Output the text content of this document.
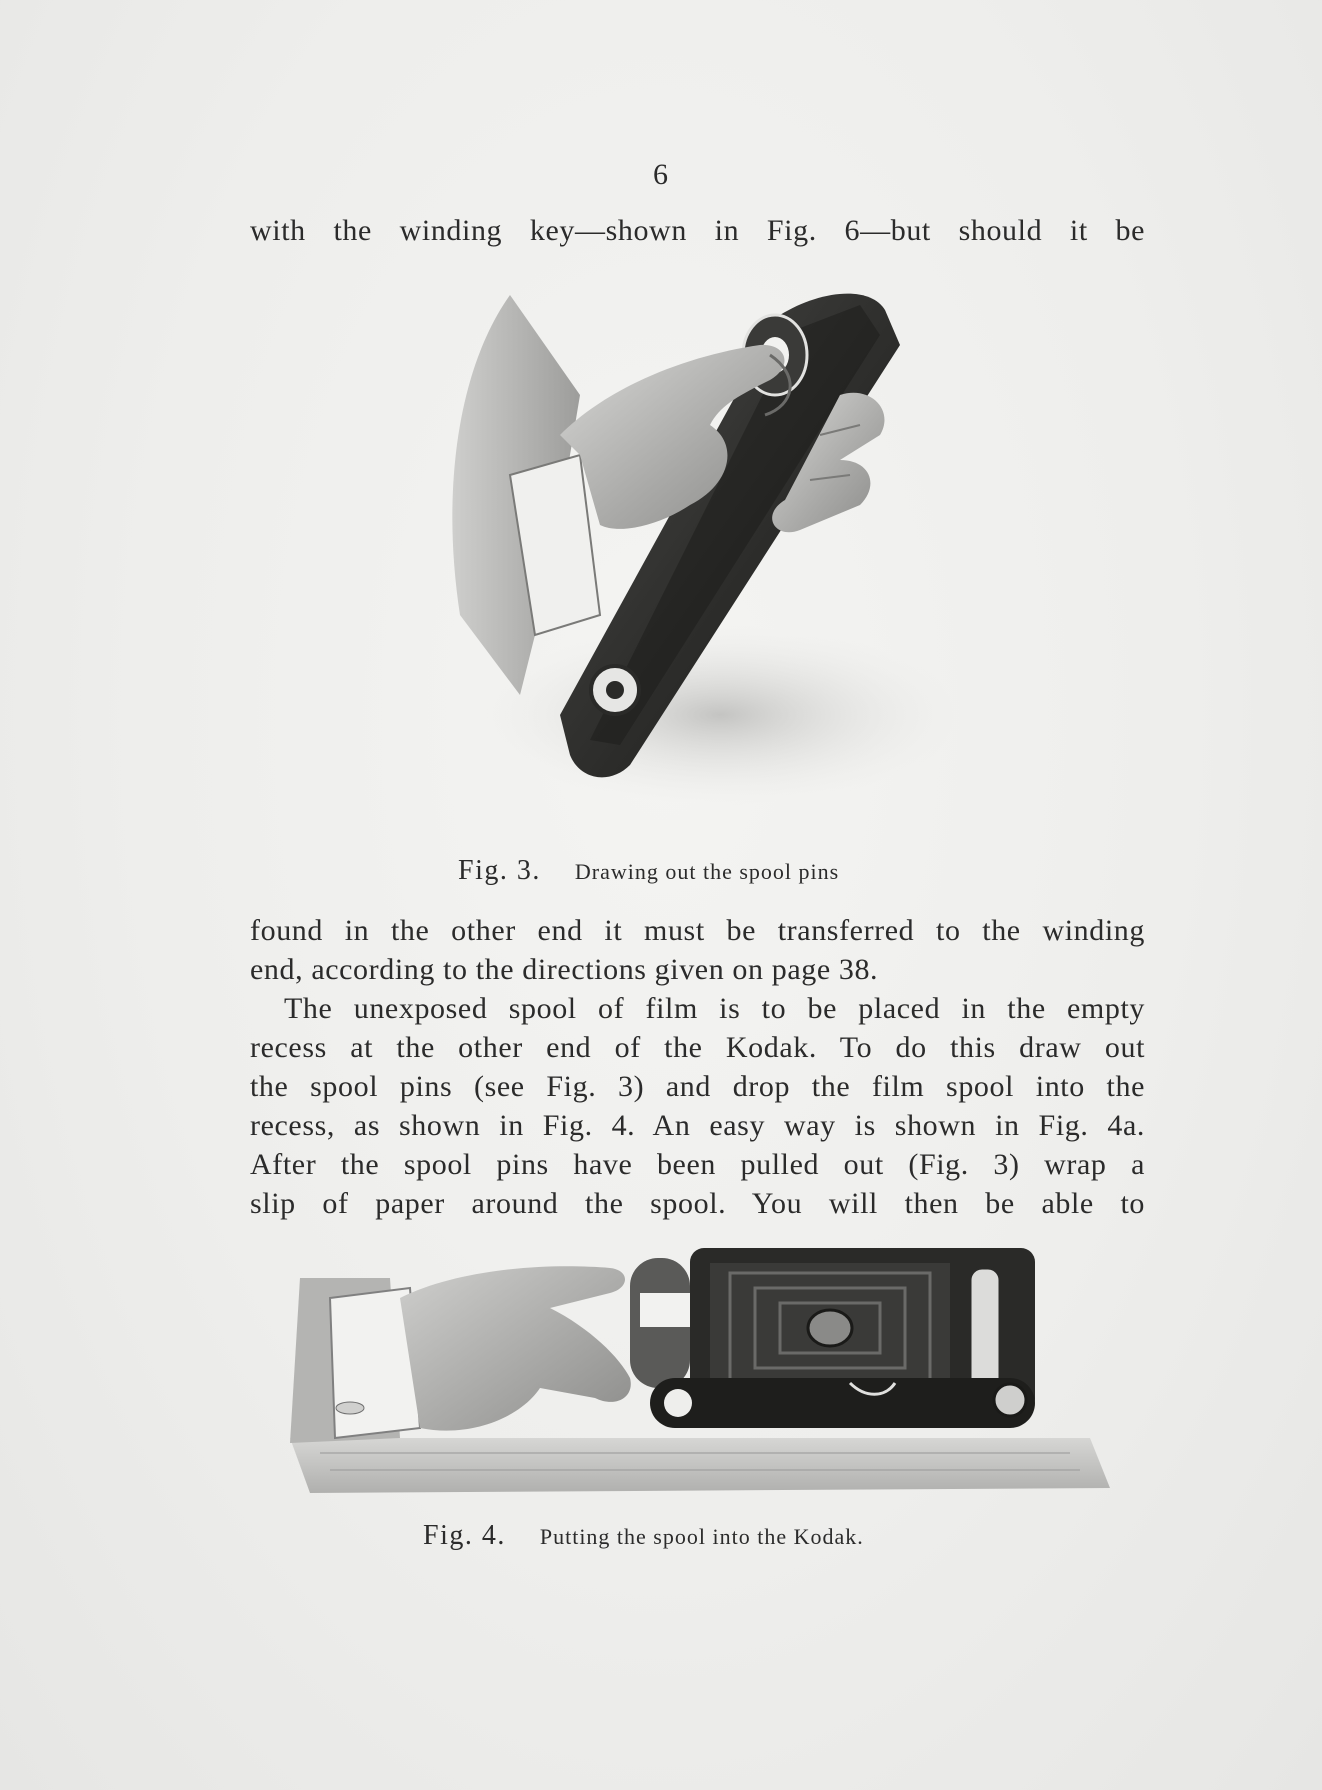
6
with the winding key—shown in Fig. 6—but should it be
Fig. 3. Drawing out the spool pins
found in the other end it must be transferred to the winding
end, according to the directions given on page 38.
The unexposed spool of film is to be placed in the empty
recess at the other end of the Kodak. To do this draw out
the spool pins (see Fig. 3) and drop the film spool into the
recess, as shown in Fig. 4. An easy way is shown in Fig. 4a.
After the spool pins have been pulled out (Fig. 3) wrap a
slip of paper around the spool. You will then be able to
Fig. 4. Putting the spool into the Kodak.
